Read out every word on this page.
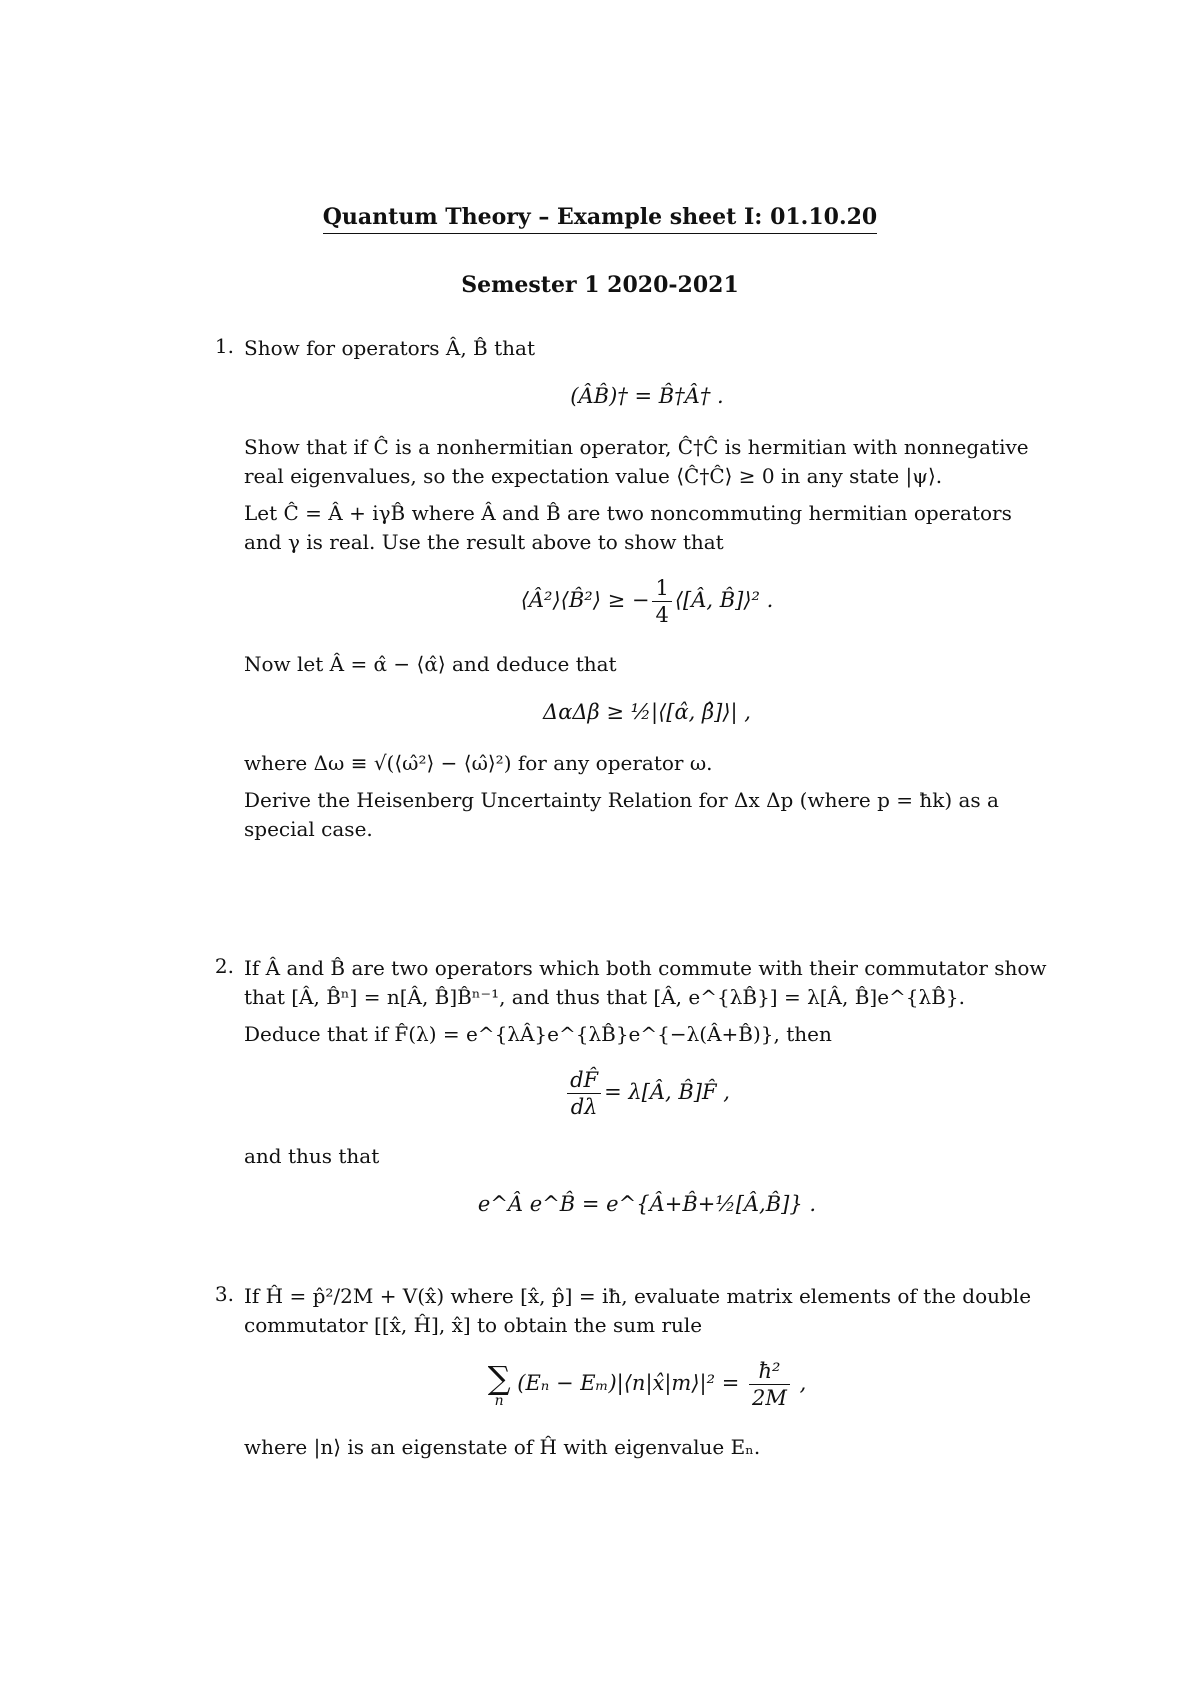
Quantum Theory – Example sheet I: 01.10.20
Semester 1 2020-2021
1. Show for operators Â, B̂ that

(ÂB̂)† = B̂†Â† .

Show that if Ĉ is a nonhermitian operator, Ĉ†Ĉ is hermitian with nonnegative real eigenvalues, so the expectation value ⟨Ĉ†Ĉ⟩ ≥ 0 in any state |ψ⟩.

Let Ĉ = Â + iγB̂ where Â and B̂ are two noncommuting hermitian operators and γ is real. Use the result above to show that

⟨Â²⟩⟨B̂²⟩ ≥ − $\frac{1}{4}$ ⟨[Â, B̂]⟩² .

Now let Â = α̂ − ⟨α̂⟩ and deduce that

ΔαΔβ ≥ ½|⟨[α̂, β̂]⟩| ,

where Δω ≡ √(⟨ω̂²⟩ − ⟨ω̂⟩²) for any operator ω.

Derive the Heisenberg Uncertainty Relation for Δx Δp (where p = ħk) as a special case.

2. If Â and B̂ are two operators which both commute with their commutator show that [Â, B̂ⁿ] = n[Â, B̂]B̂ⁿ⁻¹, and thus that [Â, e^{λB̂}] = λ[Â, B̂]e^{λB̂}.

Deduce that if F̂(λ) = e^{λÂ}e^{λB̂}e^{−λ(Â+B̂)}, then

$\frac{dF̂}{d\lambda}$ = λ[Â, B̂]F̂ ,

and thus that

e^Â e^B̂ = e^{Â+B̂+½[Â,B̂]} .
3. If Ĥ = p̂²/2M + V(x̂) where [x̂, p̂] = iħ, evaluate matrix elements of the double commutator [[x̂, Ĥ], x̂] to obtain the sum rule

∑
n
(Eₙ − Eₘ)|⟨n|x̂|m⟩|² = $\frac{\text{ħ²}}{2M}$ ,

where |n⟩ is an eigenstate of Ĥ with eigenvalue Eₙ.
